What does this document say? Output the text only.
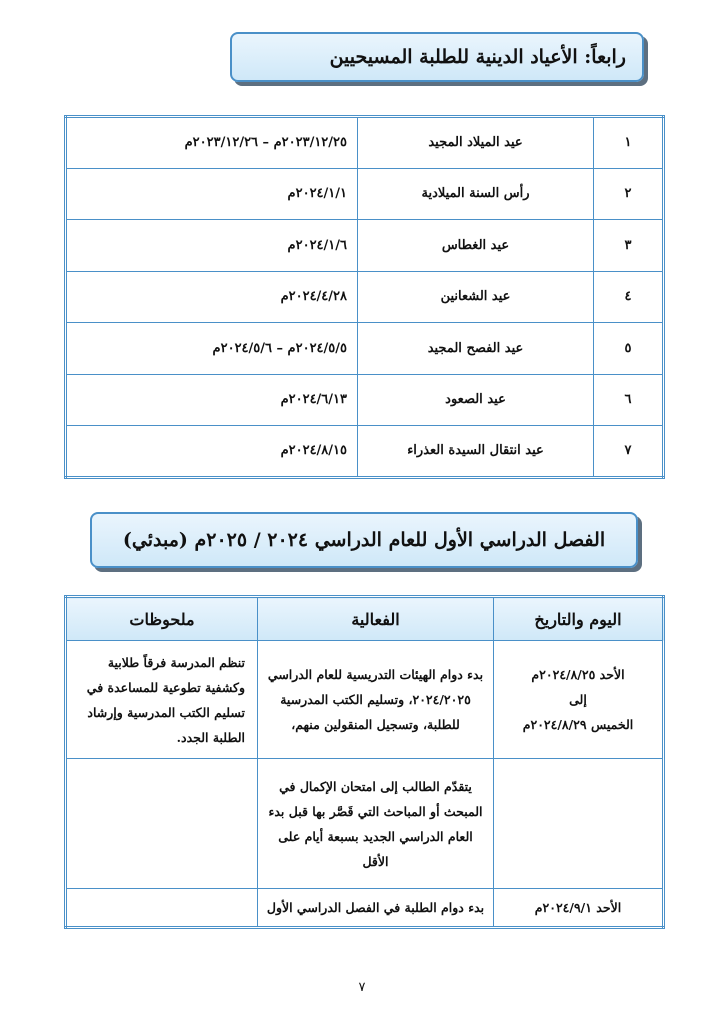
رابعاً: الأعياد الدينية للطلبة المسيحيين
١	عيد الميلاد المجيد	٢٠٢٣/١٢/٢٥م – ٢٠٢٣/١٢/٢٦م
٢	رأس السنة الميلادية	٢٠٢٤/١/١م
٣	عيد الغطاس	٢٠٢٤/١/٦م
٤	عيد الشعانين	٢٠٢٤/٤/٢٨م
٥	عيد الفصح المجيد	٢٠٢٤/٥/٥م – ٢٠٢٤/٥/٦م
٦	عيد الصعود	٢٠٢٤/٦/١٣م
٧	عيد انتقال السيدة العذراء	٢٠٢٤/٨/١٥م
الفصل الدراسي الأول للعام الدراسي ٢٠٢٤ / ٢٠٢٥م (مبدئي)
اليوم والتاريخ	الفعالية	ملحوظات

الأحد ٢٠٢٤/٨/٢٥م
إلى
الخميس ٢٠٢٤/٨/٢٩م	بدء دوام الهيئات التدريسية للعام الدراسي ٢٠٢٤/٢٠٢٥، وتسليم الكتب المدرسية للطلبة، وتسجيل المنقولين منهم،	تنظم المدرسة فرقاً طلابية وكشفية تطوعية للمساعدة في تسليم الكتب المدرسية وإرشاد الطلبة الجدد.
	يتقدّم الطالب إلى امتحان الإكمال في المبحث أو المباحث التي قَصَّر بها قبل بدء العام الدراسي الجديد بسبعة أيام على الأقل	
الأحد ٢٠٢٤/٩/١م	بدء دوام الطلبة في الفصل الدراسي الأول	
٧
